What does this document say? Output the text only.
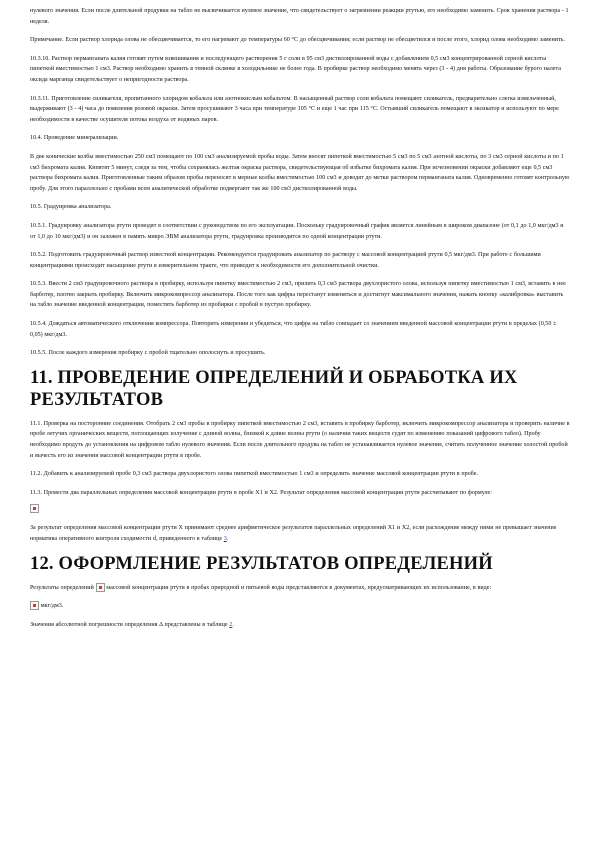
нулевого значения. Если после длительной продувки на табло не высвечивается нулевое значение, что свидетельствует о загрязнении реакции ртутью, его необходимо заменить. Срок хранения раствора - 1 неделя.

Примечание. Если раствор хлорида олова не обесцвечивается, то его нагревают до температуры 60 °С до обесцвечивания; если раствор не обесцветился и после этого, хлорид олова необходимо заменить.

10.3.10. Раствор перманганата калия готовят путем взвешивания и последующего растворения 5 г соли в 95 см3 дистиллированной воды с добавлением 0,5 см3 концентрированной серной кислоты пипеткой вместимостью 1 см3. Раствор необходимо хранить в темной склянке в холодильнике не более года. В пробирке раствор необходимо менять через (3 - 4) дня работы. Образование бурого налета оксида марганца свидетельствует о непригодности раствора.

10.3.11. Приготовление силикагеля, пропитанного хлоридом кобальта или азотнокислым кобальтом. В насыщенный раствор соли кобальта помещают силикагель, предварительно слегка измельченный, выдерживают (3 - 4) часа до появления розовой окраски. Затем просушивают 3 часа при температуре 105 °С и еще 1 час при 115 °С. Остывший силикагель помещают в эксикатор и используют по мере необходимости в качестве осушителя потока воздуха от водяных паров.

10.4. Проведение минерализации.

В две конические колбы вместимостью 250 см3 помещают по 100 см3 анализируемой пробы воды. Затем вносят пипеткой вместимостью 5 см3 по 5 см3 азотной кислоты, по 3 см3 серной кислоты и по 1 см3 бихромата калия. Кипятят 5 минут, следя за тем, чтобы сохранялась желтая окраска раствора, свидетельствующая об избытке бихромата калия. При исчезновении окраски добавляют еще 0,5 см3 раствора бихромата калия. Приготовленные таким образом пробы переносят в мерные колбы вместимостью 100 см3 и доводят до метки раствором перманганата калия. Одновременно готовят контрольную пробу. Для этого параллельно с пробами всем аналитической обработке подвергают так же 100 см3 дистиллированной воды.

10.5. Градуировка анализатора.

10.5.1. Градуировку анализатора ртути проводят в соответствии с руководством по его эксплуатации. Поскольку градуировочный график является линейным в широком диапазоне (от 0,1 до 1,0 мкг/дм3 и от 1,0 до 10 мкг/дм3) и он заложен в память микро ЭВМ анализатора ртути, градуировка производится по одной концентрации ртути.

10.5.2. Подготовить градуировочный раствор известной концентрации. Рекомендуется градуировать анализатор по раствору с массовой концентрацией ртути 0,5 мкг/дм3. При работе с большими концентрациями происходит насыщение ртути в измерительном тракте, что приводит к необходимости его дополнительной очистки.

10.5.3. Ввести 2 см3 градуировочного раствора в пробирку, используя пипетку вместимостью 2 см3, прилить 0,3 см3 раствора двухлористого олова, используя пипетку вместимостью 1 см3, вставить в нее барботер, плотно закрыть пробирку. Включить микрокомпрессор анализатора. После того как цифры перестанут изменяться и достигнут максимального значения, нажать кнопку «калибровка» выставить на табло значение введенной концентрации, поместить барботер из пробирки с пробой в пустую пробирку.

10.5.4. Дождаться автоматического отключения компрессора. Повторить измерения и убедиться, что цифра на табло совпадает со значением введенной массовой концентрации ртути в пределах (0,50 ± 0,05) мкг/дм3.

10.5.5. После каждого измерения пробирку с пробой тщательно ополоснуть и просушить.

11. ПРОВЕДЕНИЕ ОПРЕДЕЛЕНИЙ И ОБРАБОТКА ИХ РЕЗУЛЬТАТОВ

11.1. Проверка на посторонние соединения. Отобрать 2 см3 пробы в пробирку пипеткой вместимостью 2 см3, вставить в пробирку барботер, включить микрокомпрессор анализатора и проверить наличие в пробе летучих органических веществ, поглощающих излучение с длиной волны, близкой к длине волны ртути (о наличии таких веществ судят по изменению показаний цифрового табло). Пробу необходимо продуть до установления на цифровом табло нулевого значения. Если после длительного продува на табло не устанавливается нулевое значение, считать полученное значение холостой пробой и вычесть его из значения массовой концентрации ртути в пробе.

11.2. Добавить к анализируемой пробе 0,3 см3 раствора двухлористого олова пипеткой вместимостью 1 см3 и определить значение массовой концентрации ртути в пробе.

11.3. Провести два параллельных определения массовой концентрации ртути в пробе Х1 и Х2. Результат определения массовой концентрации ртути рассчитывают по формуле:

За результат определения массовой концентрации ртути Х принимают среднее арифметическое результатов параллельных определений Х1 и Х2, если расхождение между ними не превышает значение норматива оперативного контроля сходимости d, приведенного в таблице 3.

12. ОФОРМЛЕНИЕ РЕЗУЛЬТАТОВ ОПРЕДЕЛЕНИЙ

Результаты определений  массовой концентрации ртути в пробах природной и питьевой воды представляются в документах, предусматривающих их использование, в виде:

мкг/дм3.

Значения абсолютной погрешности определения Δ представлены в таблице 2.
